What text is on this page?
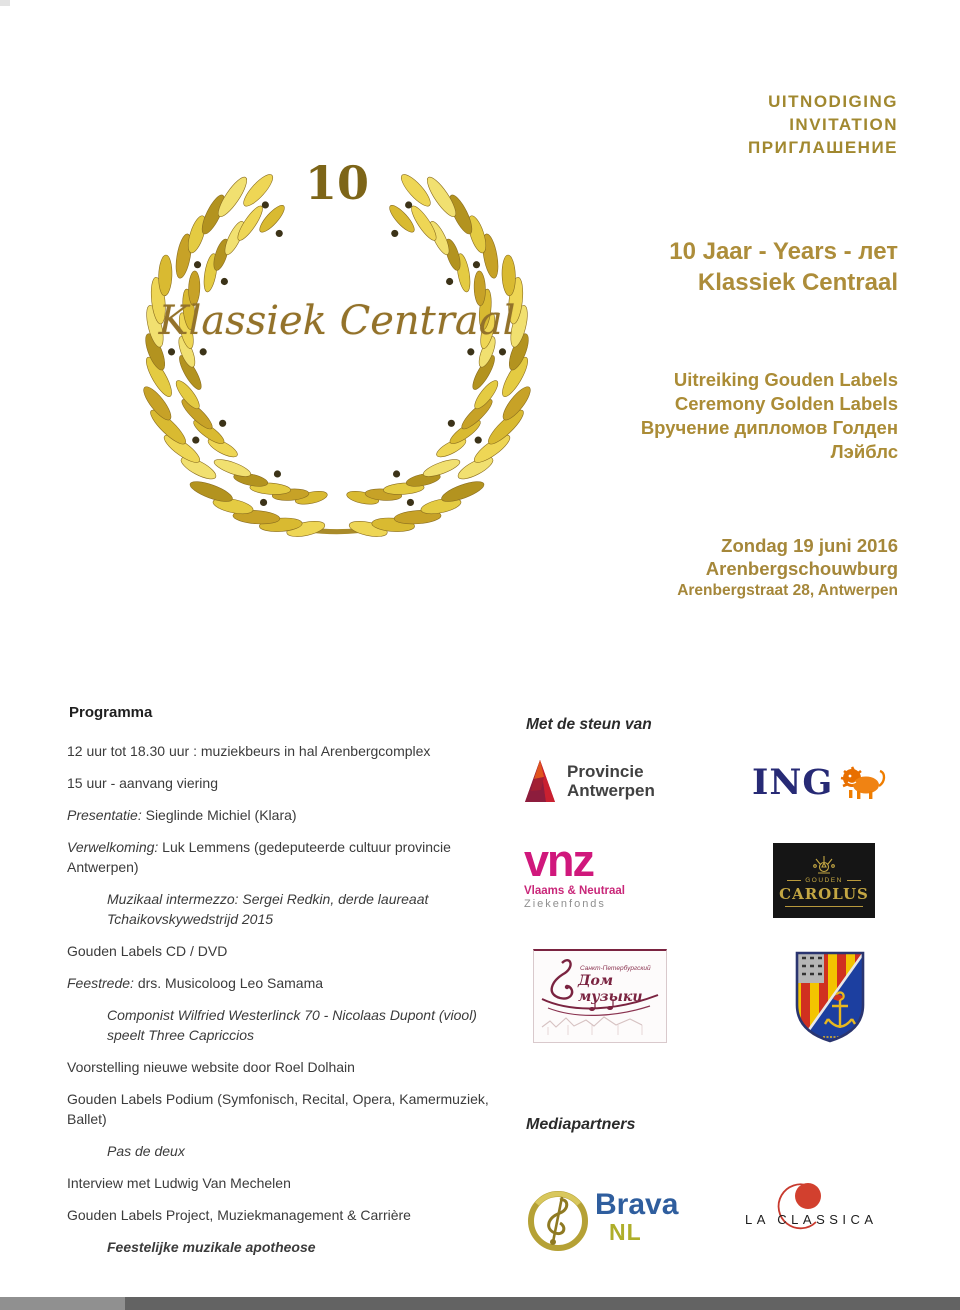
UITNODIGING
INVITATION
ПРИГЛАШЕНИЕ
10
Klassiek Centraal
10 Jaar - Years - лет
Klassiek Centraal
Uitreiking Gouden Labels
Ceremony Golden Labels
Вручение дипломов Голден
Лэйблс
Zondag 19 juni 2016
Arenbergschouwburg
Arenbergstraat 28, Antwerpen
Programma
12 uur tot 18.30 uur : muziekbeurs in hal Arenbergcomplex
15 uur - aanvang viering
Presentatie: Sieglinde Michiel (Klara)
Verwelkoming: Luk Lemmens (gedeputeerde cultuur provincie Antwerpen)
Muzikaal intermezzo: Sergei Redkin, derde laureaat Tchaikovskywedstrijd 2015
Gouden Labels CD / DVD
Feestrede: drs. Musicoloog Leo Samama
Componist Wilfried Westerlinck 70 - Nicolaas Dupont (viool) speelt Three Capriccios
Voorstelling nieuwe website door Roel Dolhain
Gouden Labels Podium (Symfonisch, Recital, Opera, Kamermuziek, Ballet)
Pas de deux
Interview met Ludwig Van Mechelen
Gouden Labels Project, Muziekmanagement & Carrière
Feestelijke muzikale apotheose
Met de steun van
Provincie
Antwerpen	ING
vnz
Vlaams & Neutraal
Ziekenfonds
GOUDEN
CAROLUS
Санкт-Петербургский
Дом музыки
Mediapartners
Brava
NL	LA CLASSICA
